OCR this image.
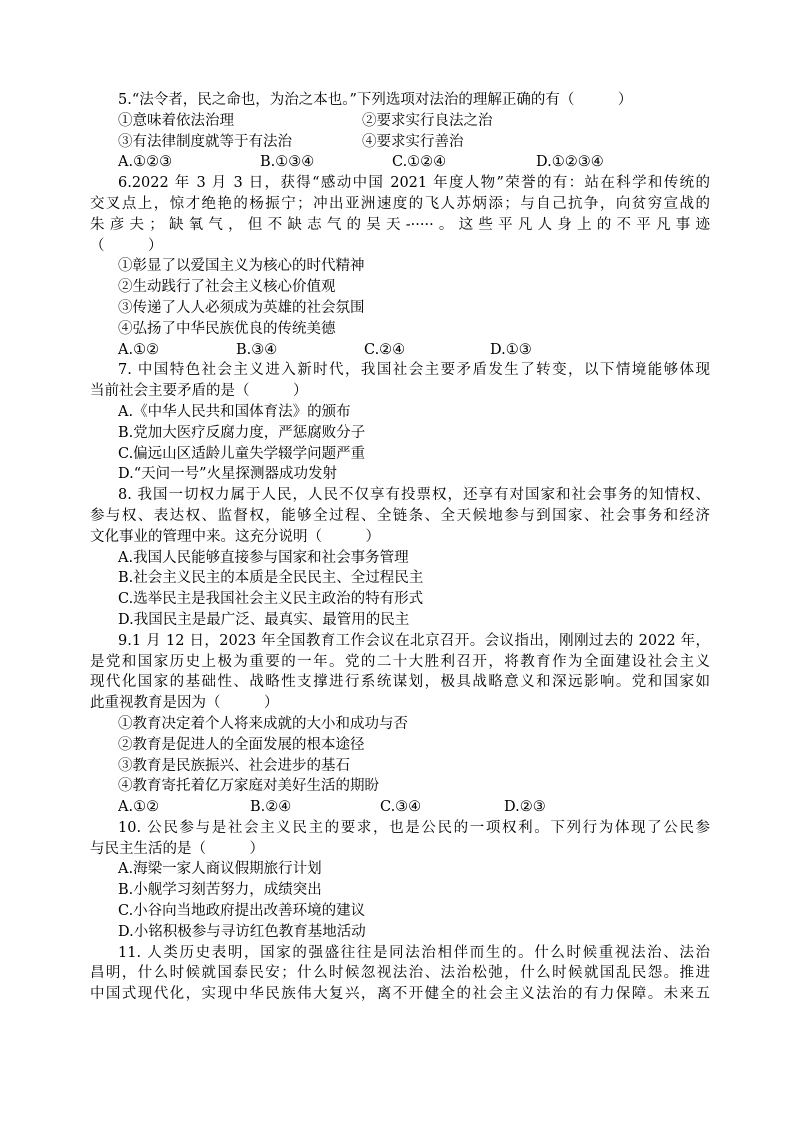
5.“法令者，民之命也，为治之本也。”下列选项对法治的理解正确的有（　　　）
①意味着依法治理	②要求实行良法之治
③有法律制度就等于有法治	④要求实行善治
A.①②③	B.①③④	C.①②④	D.①②③④
6.2022 年 3 月 3 日，获得“感动中国 2021 年度人物”荣誉的有：站在科学和传统的
交叉点上，惊才绝艳的杨振宁；冲出亚洲速度的飞人苏炳添；与自己抗争，向贫穷宣战的
朱彦夫；缺氧气，但不缺志气的吴天-·····。这些平凡人身上的不平凡事迹
（　　　）
①彰显了以爱国主义为核心的时代精神
②生动践行了社会主义核心价值观
③传递了人人必须成为英雄的社会氛围
④弘扬了中华民族优良的传统美德
A.①②	B.③④	C.②④	D.①③
7. 中国特色社会主义进入新时代，我国社会主要矛盾发生了转变，以下情境能够体现
当前社会主要矛盾的是（　　　）
A.《中华人民共和国体育法》的颁布
B.党加大医疗反腐力度，严惩腐败分子
C.偏远山区适龄儿童失学辍学问题严重
D.“天问一号”火星探测器成功发射
8. 我国一切权力属于人民，人民不仅享有投票权，还享有对国家和社会事务的知情权、
参与权、表达权、监督权，能够全过程、全链条、全天候地参与到国家、社会事务和经济
文化事业的管理中来。这充分说明（　　　）
A.我国人民能够直接参与国家和社会事务管理
B.社会主义民主的本质是全民民主、全过程民主
C.选举民主是我国社会主义民主政治的特有形式
D.我国民主是最广泛、最真实、最管用的民主
9.1 月 12 日，2023 年全国教育工作会议在北京召开。会议指出，刚刚过去的 2022 年，
是党和国家历史上极为重要的一年。党的二十大胜利召开，将教育作为全面建设社会主义
现代化国家的基础性、战略性支撑进行系统谋划，极具战略意义和深远影响。党和国家如
此重视教育是因为（　　　）
①教育决定着个人将来成就的大小和成功与否
②教育是促进人的全面发展的根本途径
③教育是民族振兴、社会进步的基石
④教育寄托着亿万家庭对美好生活的期盼
A.①②	B.②④	C.③④	D.②③
10. 公民参与是社会主义民主的要求，也是公民的一项权利。下列行为体现了公民参
与民主生活的是（　　　）
A.海梁一家人商议假期旅行计划
B.小舰学习刻苦努力，成绩突出
C.小谷向当地政府提出改善环境的建议
D.小铭积极参与寻访红色教育基地活动
11. 人类历史表明，国家的强盛往往是同法治相伴而生的。什么时候重视法治、法治
昌明，什么时候就国泰民安；什么时候忽视法治、法治松弛，什么时候就国乱民怨。推进
中国式现代化，实现中华民族伟大复兴，离不开健全的社会主义法治的有力保障。未来五
